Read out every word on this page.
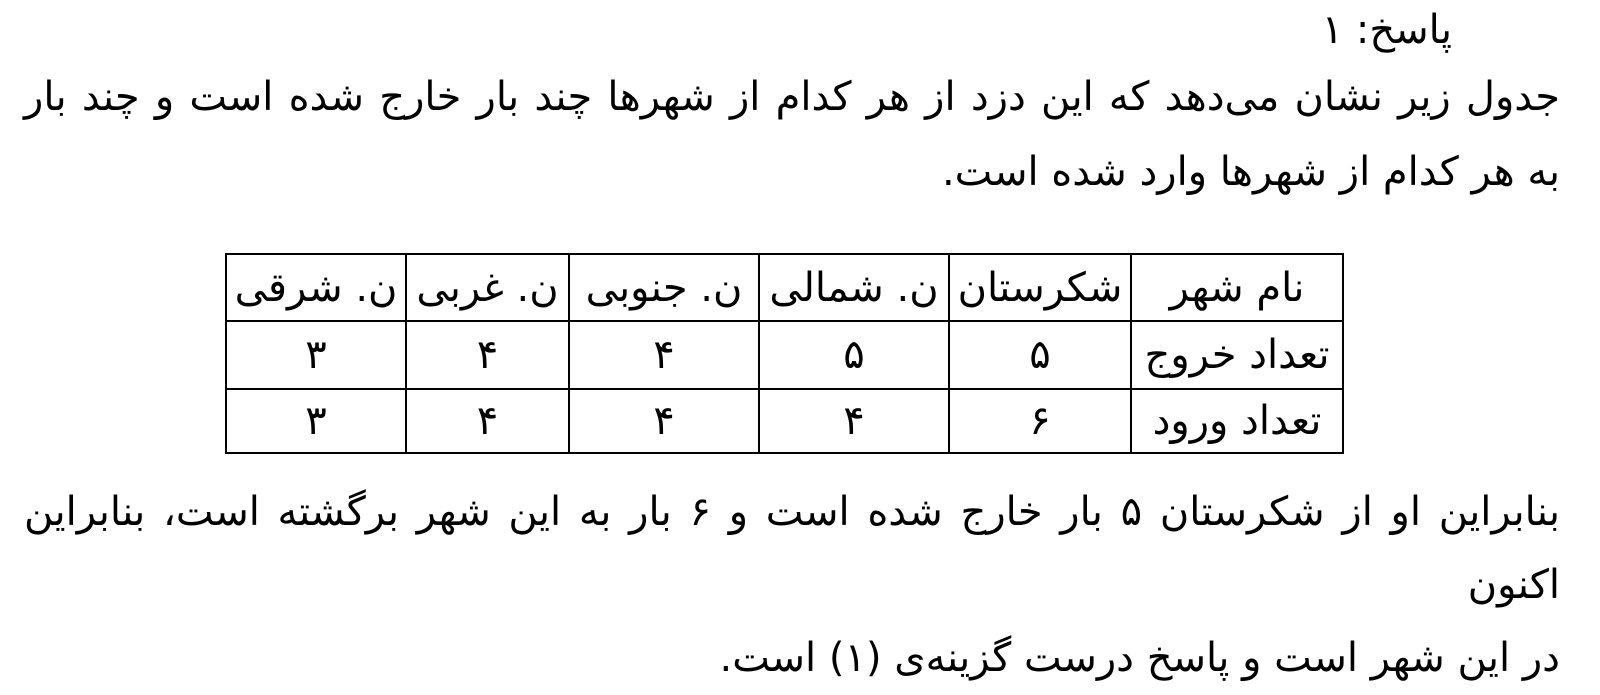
پاسخ: ۱
جدول زیر نشان می‌دهد که این دزد از هر کدام از شهرها چند بار خارج شده است و چند بار
به هر کدام از شهرها وارد شده است.
نام شهر	شکرستان	ن. شمالی	ن. جنوبی	ن. غربی	ن. شرقی
تعداد خروج	۵	۵	۴	۴	۳
تعداد ورود	۶	۴	۴	۴	۳
بنابراین او از شکرستان ۵ بار خارج شده است و ۶ بار به این شهر برگشته است، بنابراین اکنون
در این شهر است و پاسخ درست گزینه‌ی (۱) است.
